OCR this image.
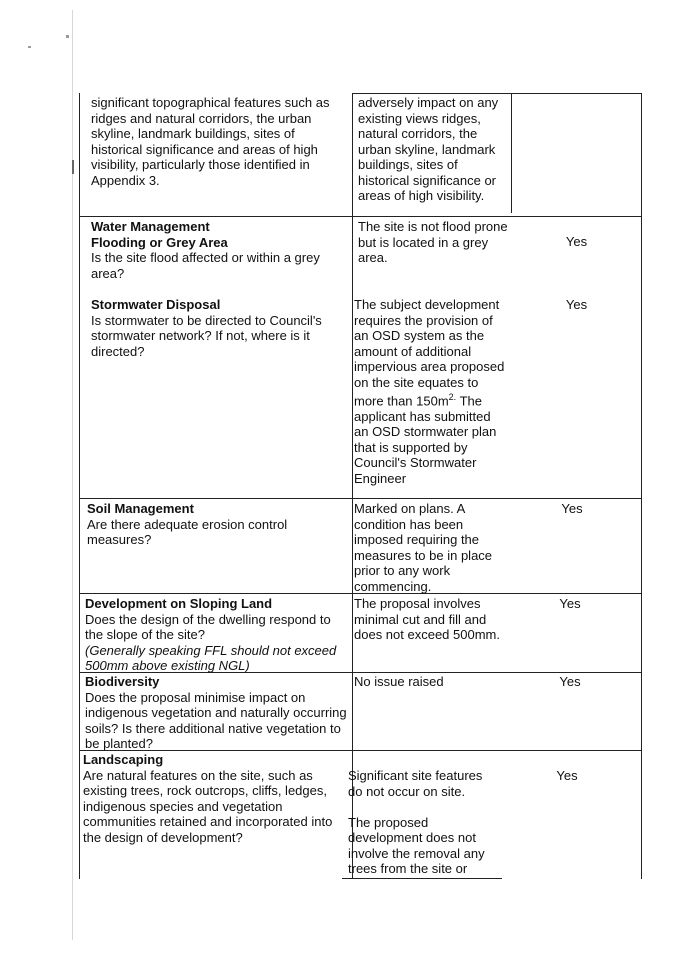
significant topographical features such as ridges and natural corridors, the urban skyline, landmark buildings, sites of historical significance and areas of high visibility, particularly those identified in Appendix 3.

adversely impact on any existing views ridges, natural corridors, the urban skyline, landmark buildings, sites of historical significance or areas of high visibility.

Water Management

Flooding or Grey Area

Is the site flood affected or within a grey area?

The site is not flood prone but is located in a grey area.

Yes

Stormwater Disposal

Is stormwater to be directed to Council's stormwater network? If not, where is it directed?

The subject development requires the provision of an OSD system as the amount of additional impervious area proposed on the site equates to more than $150m^{2.}$ The applicant has submitted an OSD stormwater plan that is supported by Council's Stormwater Engineer

Yes

Soil Management

Are there adequate erosion control measures?

Marked on plans. A condition has been imposed requiring the measures to be in place prior to any work commencing.

Yes

Development on Sloping Land

Does the design of the dwelling respond to the slope of the site?

(Generally speaking FFL should not exceed 500mm above existing NGL)

The proposal involves minimal cut and fill and does not exceed 500mm.

Yes

Biodiversity

Does the proposal minimise impact on indigenous vegetation and naturally occurring soils? Is there additional native vegetation to be planted?

No issue raised	Yes

Landscaping

Are natural features on the site, such as existing trees, rock outcrops, cliffs, ledges, indigenous species and vegetation communities retained and incorporated into the design of development?

Significant site features do not occur on site.

The proposed development does not involve the removal any trees from the site or

Yes
